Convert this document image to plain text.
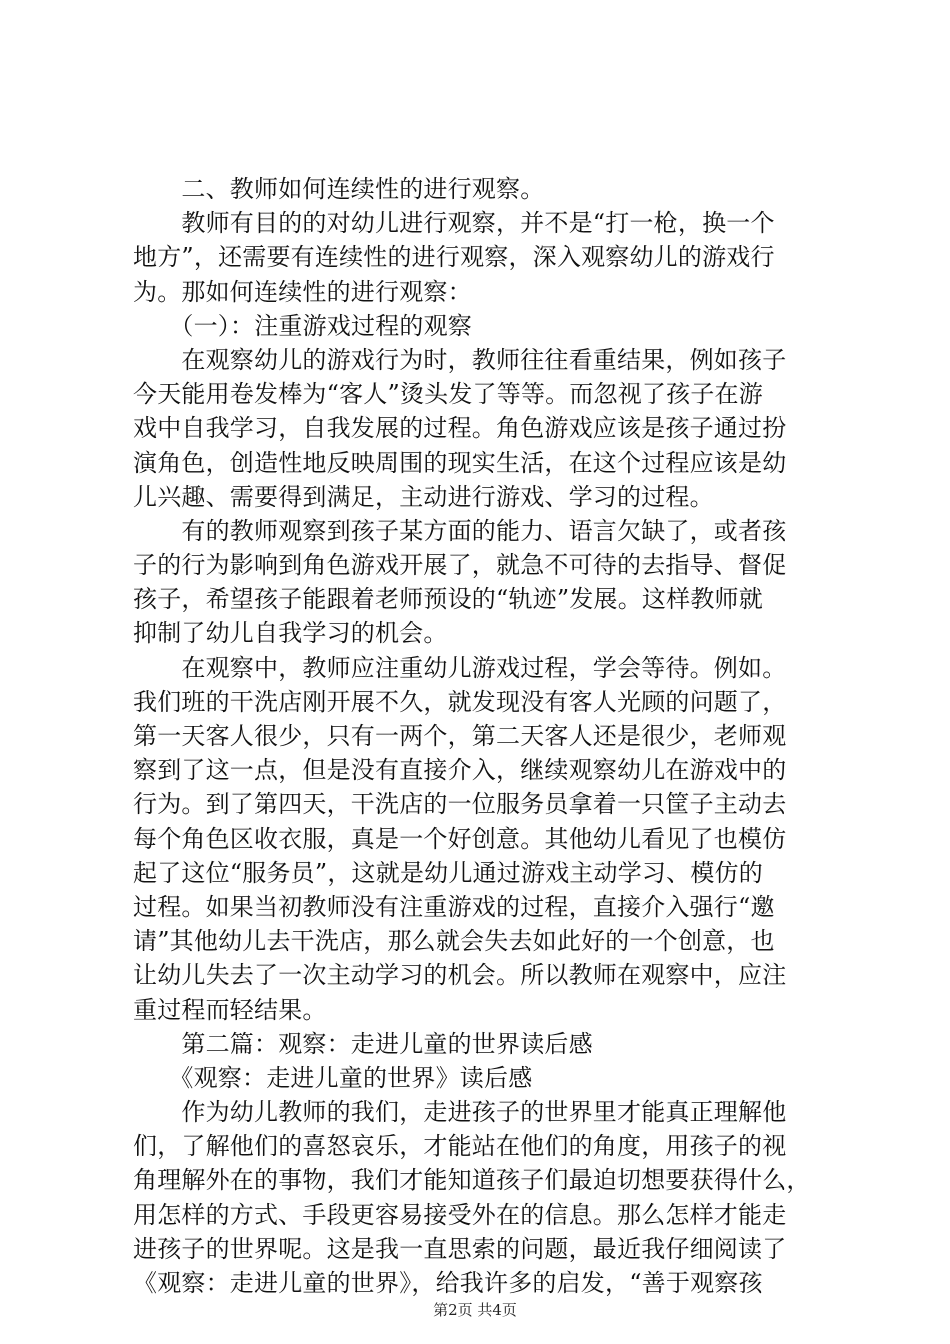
　　二、教师如何连续性的进行观察。
　　教师有目的的对幼儿进行观察，并不是“打一枪，换一个
地方”，还需要有连续性的进行观察，深入观察幼儿的游戏行
为。那如何连续性的进行观察：
　　（一）：注重游戏过程的观察
　　在观察幼儿的游戏行为时，教师往往看重结果，例如孩子
今天能用卷发棒为“客人”烫头发了等等。而忽视了孩子在游
戏中自我学习，自我发展的过程。角色游戏应该是孩子通过扮
演角色，创造性地反映周围的现实生活，在这个过程应该是幼
儿兴趣、需要得到满足，主动进行游戏、学习的过程。
　　有的教师观察到孩子某方面的能力、语言欠缺了，或者孩
子的行为影响到角色游戏开展了，就急不可待的去指导、督促
孩子，希望孩子能跟着老师预设的“轨迹”发展。这样教师就
抑制了幼儿自我学习的机会。
　　在观察中，教师应注重幼儿游戏过程，学会等待。例如。
我们班的干洗店刚开展不久，就发现没有客人光顾的问题了，
第一天客人很少，只有一两个，第二天客人还是很少，老师观
察到了这一点，但是没有直接介入，继续观察幼儿在游戏中的
行为。到了第四天，干洗店的一位服务员拿着一只筐子主动去
每个角色区收衣服，真是一个好创意。其他幼儿看见了也模仿
起了这位“服务员”，这就是幼儿通过游戏主动学习、模仿的
过程。如果当初教师没有注重游戏的过程，直接介入强行“邀
请”其他幼儿去干洗店，那么就会失去如此好的一个创意，也
让幼儿失去了一次主动学习的机会。所以教师在观察中，应注
重过程而轻结果。
　　第二篇：观察：走进儿童的世界读后感
　　《观察：走进儿童的世界》读后感
　　作为幼儿教师的我们，走进孩子的世界里才能真正理解他
们，了解他们的喜怒哀乐，才能站在他们的角度，用孩子的视
角理解外在的事物，我们才能知道孩子们最迫切想要获得什么，
用怎样的方式、手段更容易接受外在的信息。那么怎样才能走
进孩子的世界呢。这是我一直思索的问题，最近我仔细阅读了
《观察：走进儿童的世界》，给我许多的启发，“善于观察孩
第2页 共4页
